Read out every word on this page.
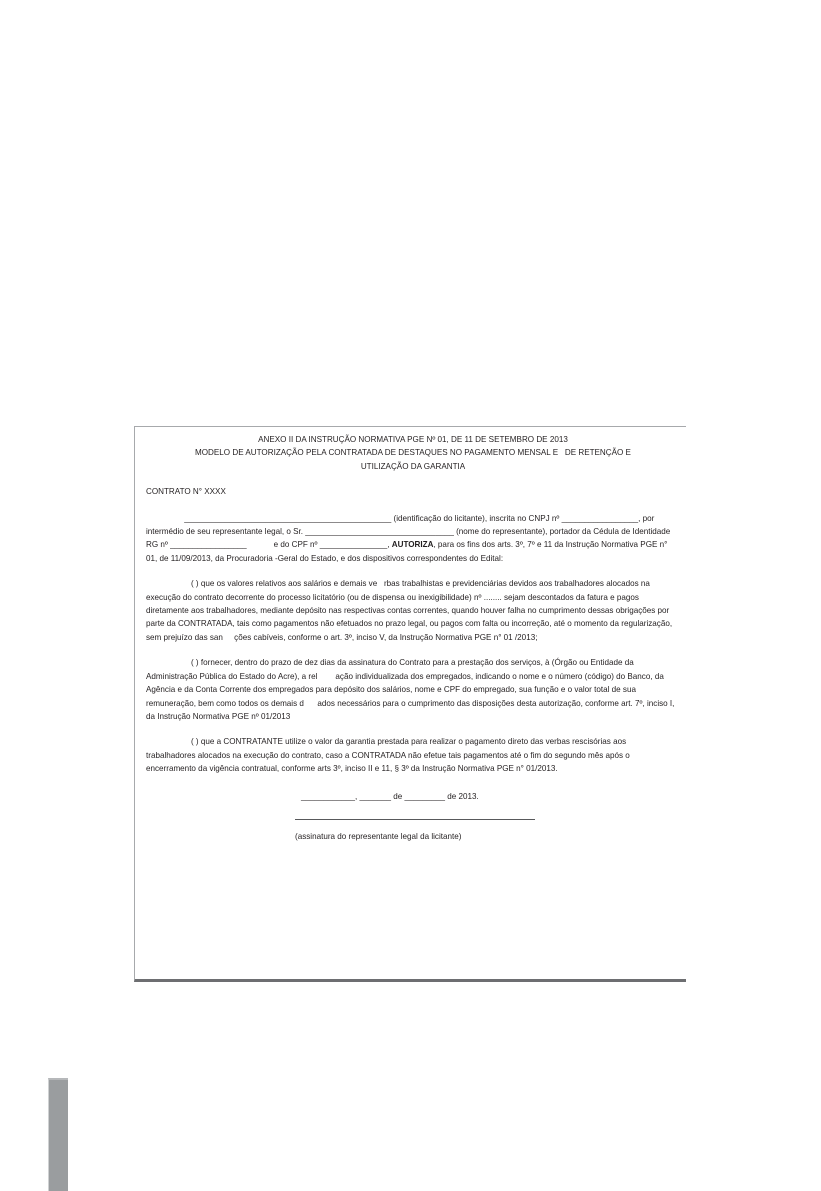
ANEXO II DA INSTRUÇÃO NORMATIVA PGE Nº 01, DE 11 DE SETEMBRO DE 2013
MODELO DE AUTORIZAÇÃO PELA CONTRATADA DE DESTAQUES NO PAGAMENTO MENSAL E   DE RETENÇÃO E
UTILIZAÇÃO DA GARANTIA
CONTRATO N° XXXX

______________________________________________ (identificação do licitante), inscrita no CNPJ nº _________________, por intermédio de seu representante legal, o Sr. _________________________________ (nome do representante), portador da Cédula de Identidade RG nº _________________            e do CPF nº _______________, AUTORIZA, para os fins dos arts. 3º, 7º e 11 da Instrução Normativa PGE n° 01, de 11/09/2013, da Procuradoria -Geral do Estado, e dos dispositivos correspondentes do Edital:

( ) que os valores relativos aos salários e demais ve   rbas trabalhistas e previdenciárias devidos aos trabalhadores alocados na execução do contrato decorrente do processo licitatório (ou de dispensa ou inexigibilidade) nº ........ sejam descontados da fatura e pagos diretamente aos trabalhadores, mediante depósito nas respectivas contas correntes, quando houver falha no cumprimento dessas obrigações por parte da CONTRATADA, tais como pagamentos não efetuados no prazo legal, ou pagos com falta ou incorreção, até o momento da regularização, sem prejuízo das san     ções cabíveis, conforme o art. 3º, inciso V, da Instrução Normativa PGE n° 01 /2013;

( ) fornecer, dentro do prazo de dez dias da assinatura do Contrato para a prestação dos serviços, à (Órgão ou Entidade da Administração Pública do Estado do Acre), a rel        ação individualizada dos empregados, indicando o nome e o número (código) do Banco, da Agência e da Conta Corrente dos empregados para depósito dos salários, nome e CPF do empregado, sua função e o valor total de sua remuneração, bem como todos os demais d      ados necessários para o cumprimento das disposições desta autorização, conforme art. 7º, inciso I, da Instrução Normativa PGE nº 01/2013

( ) que a CONTRATANTE utilize o valor da garantia prestada para realizar o pagamento direto das verbas rescisórias aos   trabalhadores alocados na execução do contrato, caso a CONTRATADA não efetue tais pagamentos até o fim do segundo mês após o encerramento da vigência contratual, conforme arts 3º, inciso II e 11, § 3º da Instrução Normativa PGE n° 01/2013.

____________, _______ de _________ de 2013.
(assinatura do representante legal da licitante)
